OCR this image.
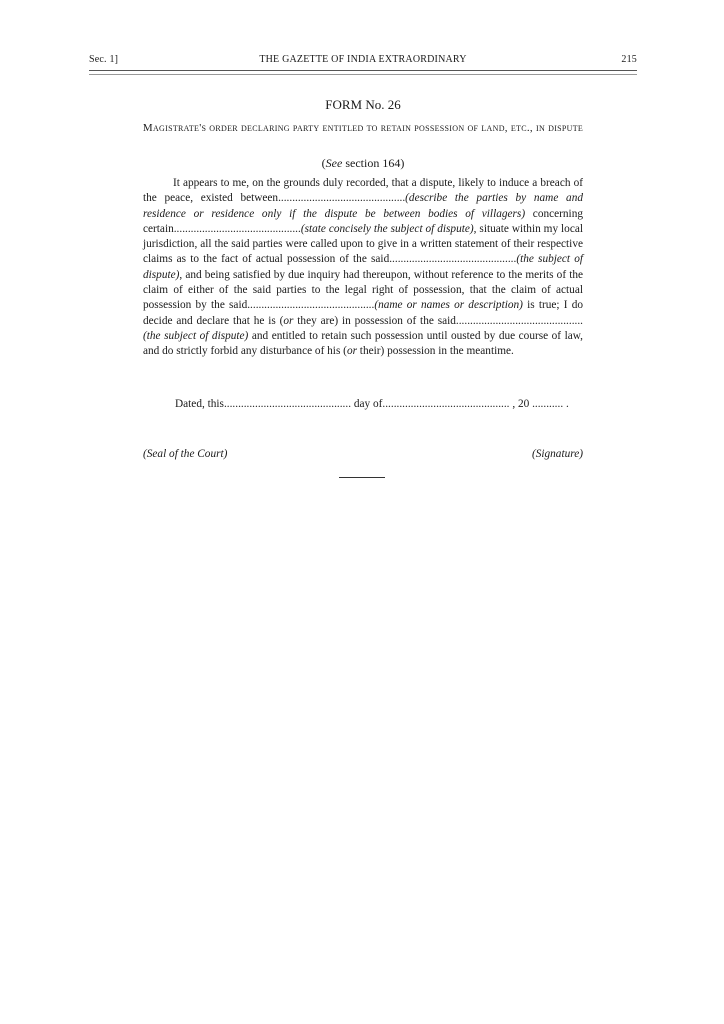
Sec. 1]	THE GAZETTE OF INDIA EXTRAORDINARY	215
FORM No. 26
Magistrate's order declaring party entitled to retain possession of land, etc., in dispute
(See section 164)

It appears to me, on the grounds duly recorded, that a dispute, likely to induce a breach of the peace, existed between.............................................(describe the parties by name and residence or residence only if the dispute be between bodies of villagers) concerning certain.............................................(state concisely the subject of dispute), situate within my local jurisdiction, all the said parties were called upon to give in a written statement of their respective claims as to the fact of actual possession of the said.............................................(the subject of dispute), and being satisfied by due inquiry had thereupon, without reference to the merits of the claim of either of the said parties to the legal right of possession, that the claim of actual possession by the said.............................................(name or names or description) is true; I do decide and declare that he is (or they are) in possession of the said.............................................(the subject of dispute) and entitled to retain such possession until ousted by due course of law, and do strictly forbid any disturbance of his (or their) possession in the meantime.

Dated, this............................................. day of............................................. , 20 ........... .
(Seal of the Court)	(Signature)
